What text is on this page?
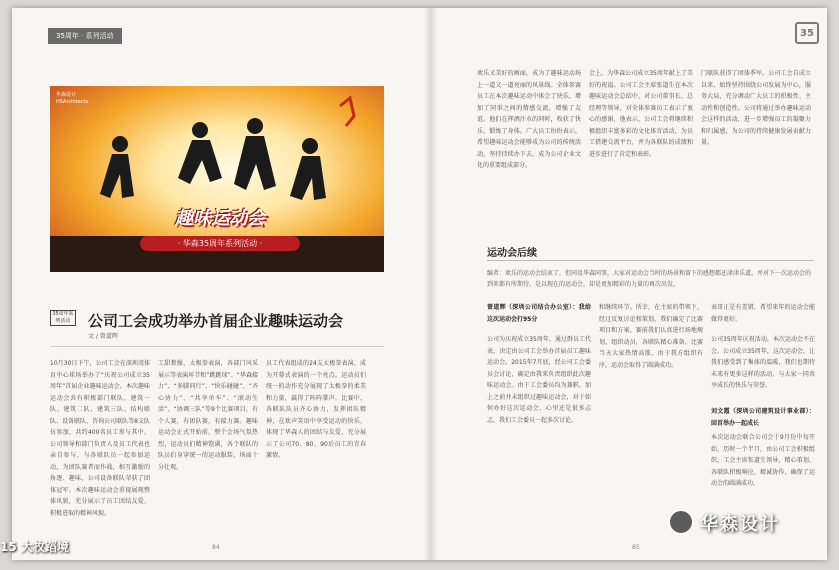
35周年 · 系列活动	35
华森设计
HSArchitects
趣味运动会
· 华森35周年系列活动 ·
35周年系列活动	公司工会成功举办首届企业趣味运动会
文 / 曾道辉
10月30日下午，公司工会在深圳湾体育中心球场举办了“庆祝公司成立35周年”首届企业趣味运动会。本次趣味运动会共有积极部门联队，建筑一队、建筑二队、建筑三队、结构联队、设备联队、咨询公司联队等8支队伍参加，共约400名员工参与其中。公司领导和部门负责人及员工代表也亲自参与，与各联队员一起参加运动，为团队赛者而作战，相互激励的角逐、趣味，公司设备联队荣获了团体冠军。本次趣味运动会重视展现整体风貌，充分展示了员工团结友爱、积极进取的精神风貌。
工甜教操、太极拳表演，各部门风采展示等表演环节和“跳跳球”、“华森接力”、“多脚同行”、“快乐碰碰”、“齐心协力”、“共享单车”、“滚动生活”、“协调三队”等9个比赛项目，有个人赛，有团队赛，有接力赛。趣味运动会正式开始前，整个会场气氛热烈，运动员们精神饱满，各个联队的队员们身穿统一的运动服装，场面十分壮观。
员工代表组成的24支太极拳表演，成为开幕式表演的一个亮点。运动员们统一的动作充分展现了太极拳的柔美和力量，赢得了阵阵掌声。比赛中，各联队队员齐心协力，发挥团队精神，在欢声笑语中享受运动的快乐，体现了华森人的团结与友爱，充分展示了公司70、80、90后员工的青春激情。
欢乐又美好的画面，成为了趣味运动场上一道又一道亮丽的风景线。全体参赛员工在本次趣味运动中体会了快乐，增加了同事之间的情感交流，增强了友谊。他们在挥洒汗水的同时，收获了快乐，锻炼了身体。广大员工纷纷表示，希望趣味运动会能够成为公司的传统活动，坚持持续办下去，成为公司企业文化的重要组成部分。
会上，为华森公司成立35周年献上了美好的祝福。公司工会主席张道生在本次趣味运动会总结中，对公司董事长、总经理等领导，对全体参赛员工表示了衷心的感谢，他表示，公司工会将继续积极组织丰富多彩的文化体育活动，为员工搭建交流平台，并为各联队的成绩和进步进行了肯定和表彰。
门联队获得了团体季军。公司工会自成立以来，始终坚持围绕公司发展为中心，服务大局，充分调动广大员工的积极性、主动性和创造性。公司将通过举办趣味运动会这样的活动，进一步增强员工的凝聚力和归属感，为公司的持续健康发展贡献力量。
运动会后续
编者：欢乐的运动会结束了，但同及华森同事，大家对运动会当时的场景和留下的感想都还津津乐道，并对下一次运动会的到来都有所期待，是以现在的运动会，却是更加精彩的力量的再次出发。
曾道辉（深圳公司结合办公室）：我给这次运动会打95分
公司为庆祝成立35周年，通过群员工代表，决定由公司工会举办首届员工趣味运动会。2015年7月底，经公司工会委员会讨论，确定由我来负责组织此次趣味运动会。由于工会委员均为兼职，加上之前并未组织过趣味运动会，对于如何办好这次运动会，心里还是很多忐忑，我们工会委员一起多次讨论。
和继续环节。所幸，在主席的带领下，经过反复讨论和策划，我们确定了比赛项目和方案。赛前我们认真进行场地规划，组织动员，各联队精心准备。比赛当天大家热情高涨，由于我方组织有序，运动会取得了圆满成功。
表哥正是有差错，希望来年的运动会能做得更好。
公司35周年庆祝活动，本次运动会不在会。公司成立35周年，这次运动会，让我们感受到了集体的温暖，我们也期待未来有更多这样的活动，与大家一同共享成长的快乐与荣誉。
刘文霞（深圳公司建筑设计事业部）：回首举办一起成长
本次运动会联合公司会于9月份中旬开始，历时一个半月，由公司工会积极组织，工会主席张道生领导，精心策划，各联队积极响应，精诚协作，确保了运动会的圆满成功。
84	85
15 大牧蹈境
华森设计
